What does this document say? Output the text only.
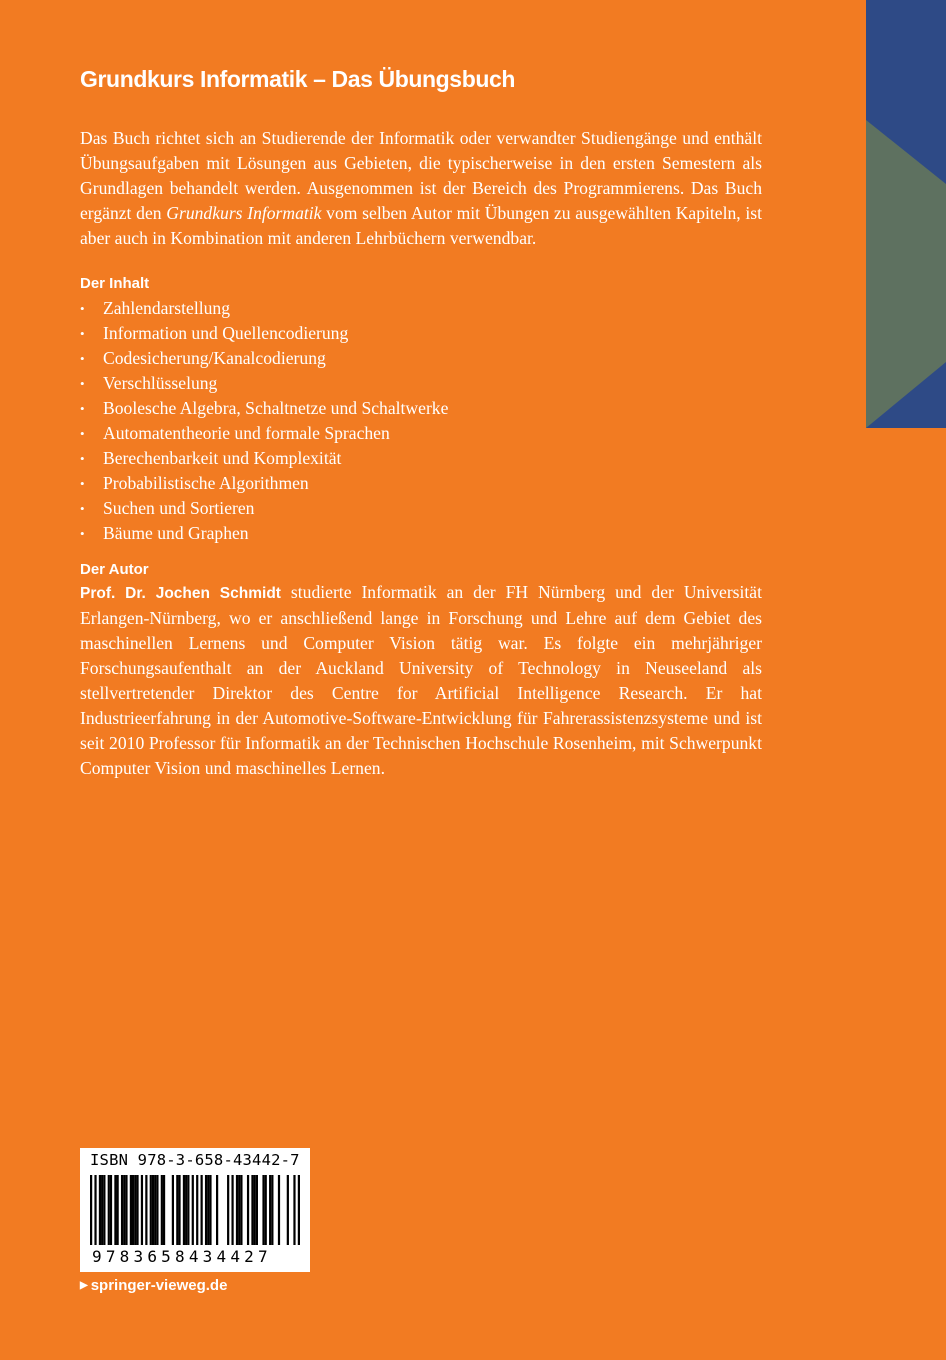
Grundkurs Informatik – Das Übungsbuch

Das Buch richtet sich an Studierende der Informatik oder verwandter Studiengänge und enthält Übungsaufgaben mit Lösungen aus Gebieten, die typischerweise in den ersten Semestern als Grundlagen behandelt werden. Ausgenommen ist der Bereich des Programmierens. Das Buch ergänzt den Grundkurs Informatik vom selben Autor mit Übungen zu ausgewählten Kapiteln, ist aber auch in Kombination mit anderen Lehrbüchern verwendbar.

Der Inhalt
• Zahlendarstellung
• Information und Quellencodierung
• Codesicherung/Kanalcodierung
• Verschlüsselung
• Boolesche Algebra, Schaltnetze und Schaltwerke
• Automatentheorie und formale Sprachen
• Berechenbarkeit und Komplexität
• Probabilistische Algorithmen
• Suchen und Sortieren
• Bäume und Graphen
Der Autor

Prof. Dr. Jochen Schmidt studierte Informatik an der FH Nürnberg und der Universität Erlangen-Nürnberg, wo er anschließend lange in Forschung und Lehre auf dem Gebiet des maschinellen Lernens und Computer Vision tätig war. Es folgte ein mehrjähriger Forschungsaufenthalt an der Auckland University of Technology in Neuseeland als stellvertretender Direktor des Centre for Artificial Intelligence Research. Er hat Industrieerfahrung in der Automotive-Software-Entwicklung für Fahrerassistenzsysteme und ist seit 2010 Professor für Informatik an der Technischen Hochschule Rosenheim, mit Schwerpunkt Computer Vision und maschinelles Lernen.

ISBN 978-3-658-43442-7
9783658434427
▶ springer-vieweg.de
